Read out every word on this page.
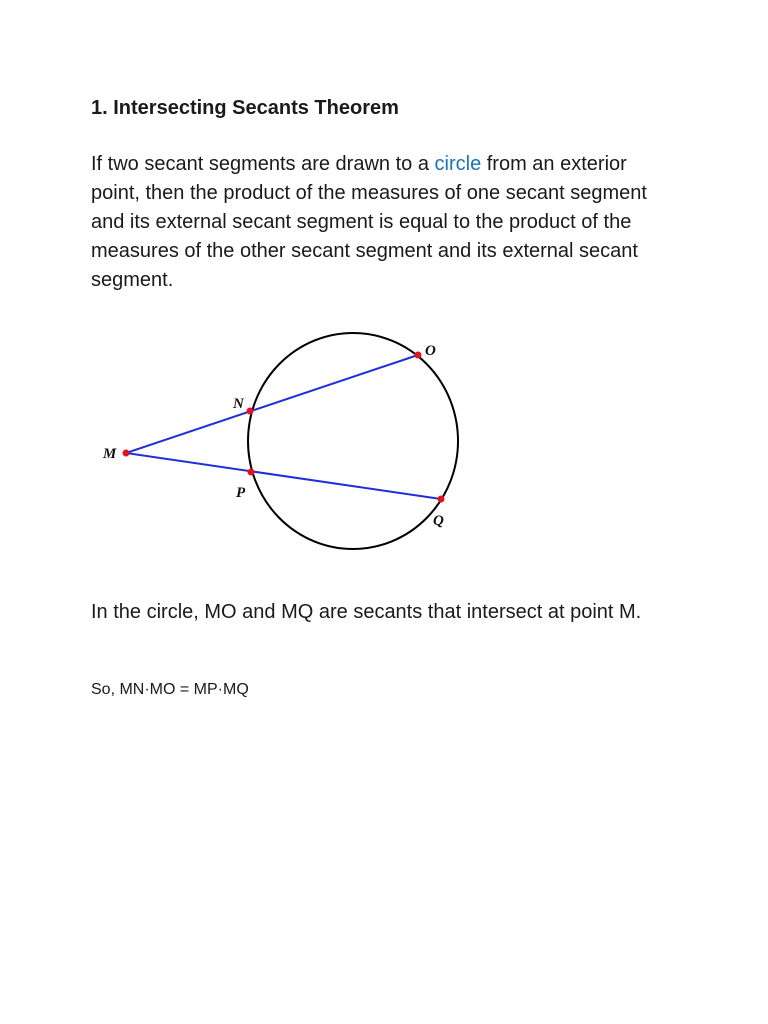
1. Intersecting Secants Theorem

If two secant segments are drawn to a circle from an exterior point, then the product of the measures of one secant segment and its external secant segment is equal to the product of the measures of the other secant segment and its external secant segment.

M
N
O
P
Q

In the circle, MO and MQ are secants that intersect at point M.

So, MN·MO = MP·MQ
